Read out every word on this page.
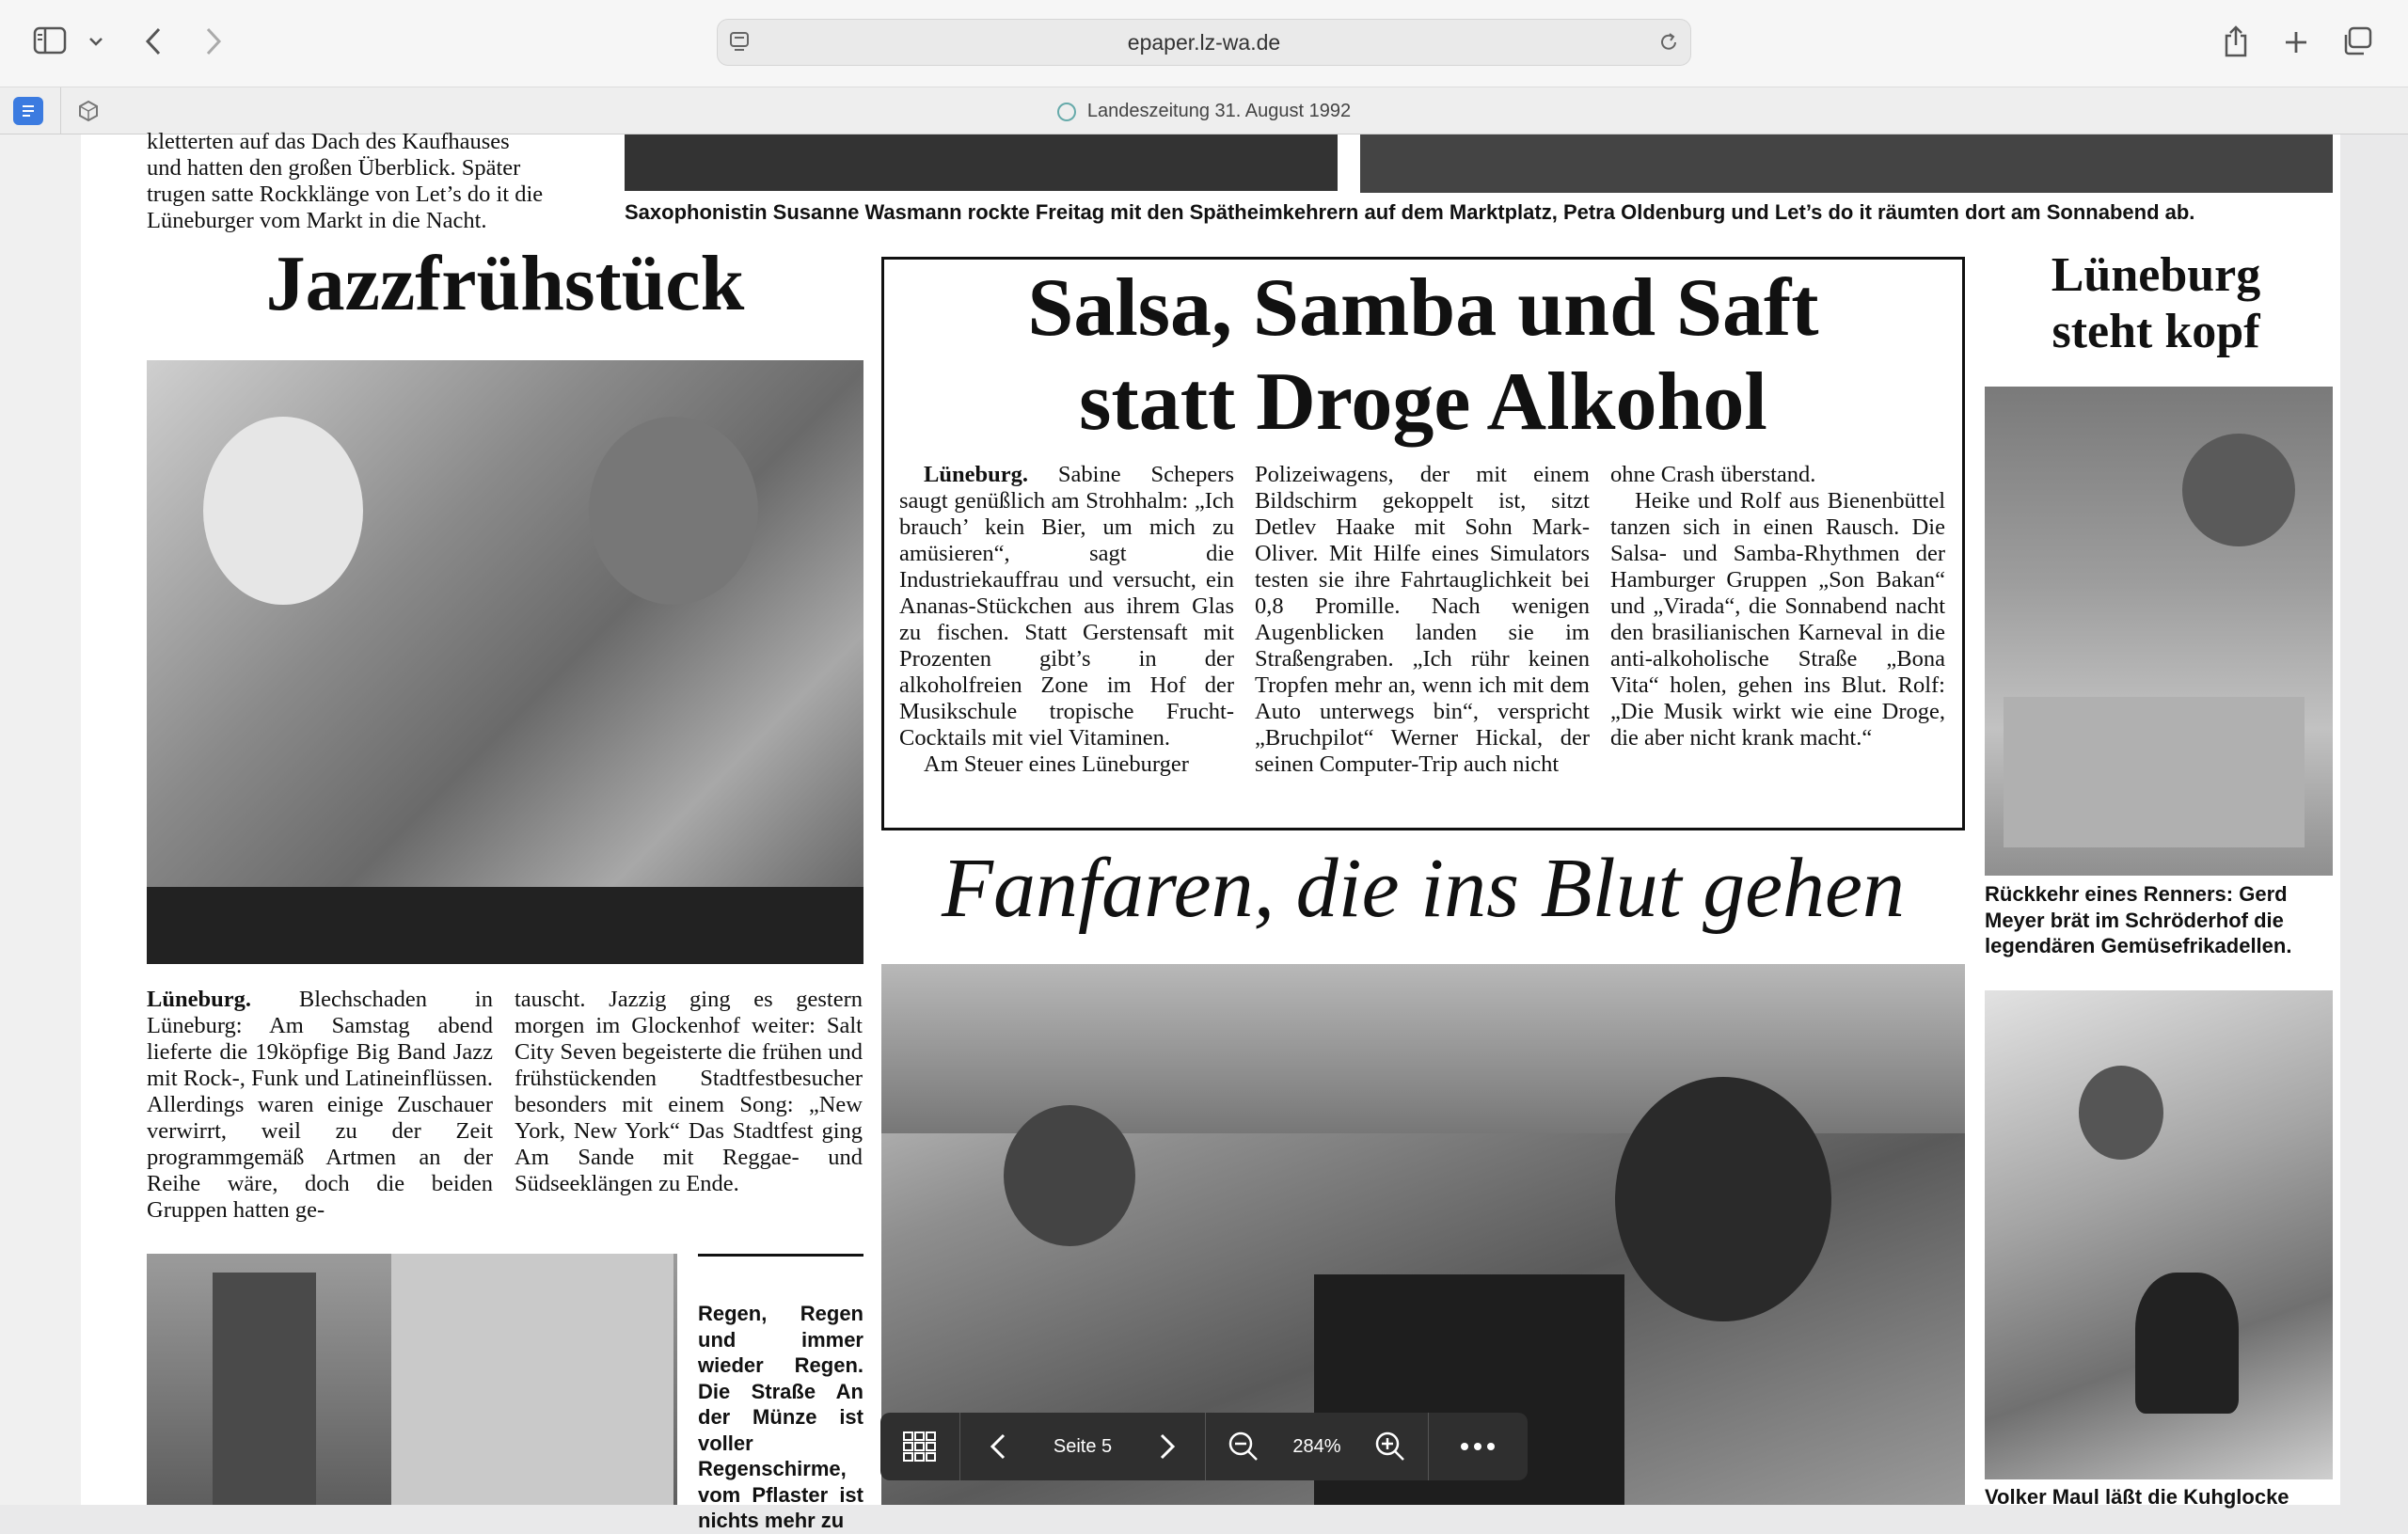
epaper.lz-wa.de
Landeszeitung 31. August 1992
kletterten auf das Dach des Kaufhauses
und hatten den großen Überblick. Später
trugen satte Rockklänge von Let’s do it die
Lüneburger vom Markt in die Nacht.	Saxophonistin Susanne Wasmann rockte Freitag mit den Spätheimkehrern auf dem Marktplatz, Petra Oldenburg und Let’s do it räumten dort am Sonnabend ab.
Jazzfrühstück
Lüneburg. Blechschaden in Lüneburg: Am Samstag abend lieferte die 19köpfige Big Band Jazz mit Rock-, Funk und Latineinflüssen. Allerdings waren einige Zuschauer verwirrt, weil zu der Zeit programmgemäß Artmen an der Reihe wäre, doch die beiden Gruppen hatten ge-
tauscht. Jazzig ging es gestern morgen im Glockenhof weiter: Salt City Seven begeisterte die frühen und frühstückenden Stadtfestbesucher besonders mit einem Song: „New York, New York“ Das Stadtfest ging Am Sande mit Reggae- und Südseeklängen zu Ende.
Regen, Regen und immer wieder Regen. Die Straße An der Münze ist voller Regenschirme, vom Pflaster ist nichts mehr zu
Salsa, Samba und Saft
statt Droge Alkohol
Lüneburg. Sabine Schepers saugt genüßlich am Strohhalm: „Ich brauch’ kein Bier, um mich zu amüsieren“, sagt die Industriekauffrau und versucht, ein Ananas-Stückchen aus ihrem Glas zu fischen. Statt Gerstensaft mit Prozenten gibt’s in der alkoholfreien Zone im Hof der Musikschule tropische Frucht-Cocktails mit viel Vitaminen.
Am Steuer eines Lüneburger
Polizeiwagens, der mit einem Bildschirm gekoppelt ist, sitzt Detlev Haake mit Sohn Mark-Oliver. Mit Hilfe eines Simulators testen sie ihre Fahrtauglichkeit bei 0,8 Promille. Nach wenigen Augenblicken landen sie im Straßengraben. „Ich rühr keinen Tropfen mehr an, wenn ich mit dem Auto unterwegs bin“, verspricht „Bruchpilot“ Werner Hickal, der seinen Computer-Trip auch nicht
ohne Crash überstand.
Heike und Rolf aus Bienenbüttel tanzen sich in einen Rausch. Die Salsa- und Samba-Rhythmen der Hamburger Gruppen „Son Bakan“ und „Virada“, die Sonnabend nacht den brasilianischen Karneval in die anti-alkoholische Straße „Bona Vita“ holen, gehen ins Blut. Rolf: „Die Musik wirkt wie eine Droge, die aber nicht krank macht.“
Fanfaren, die ins Blut gehen
Lüneburg
steht kopf
Rückkehr eines Renners: Gerd Meyer brät im Schröderhof die legendären Gemüsefrikadellen.
Volker Maul läßt die Kuhglocke
Seite 5	284%
